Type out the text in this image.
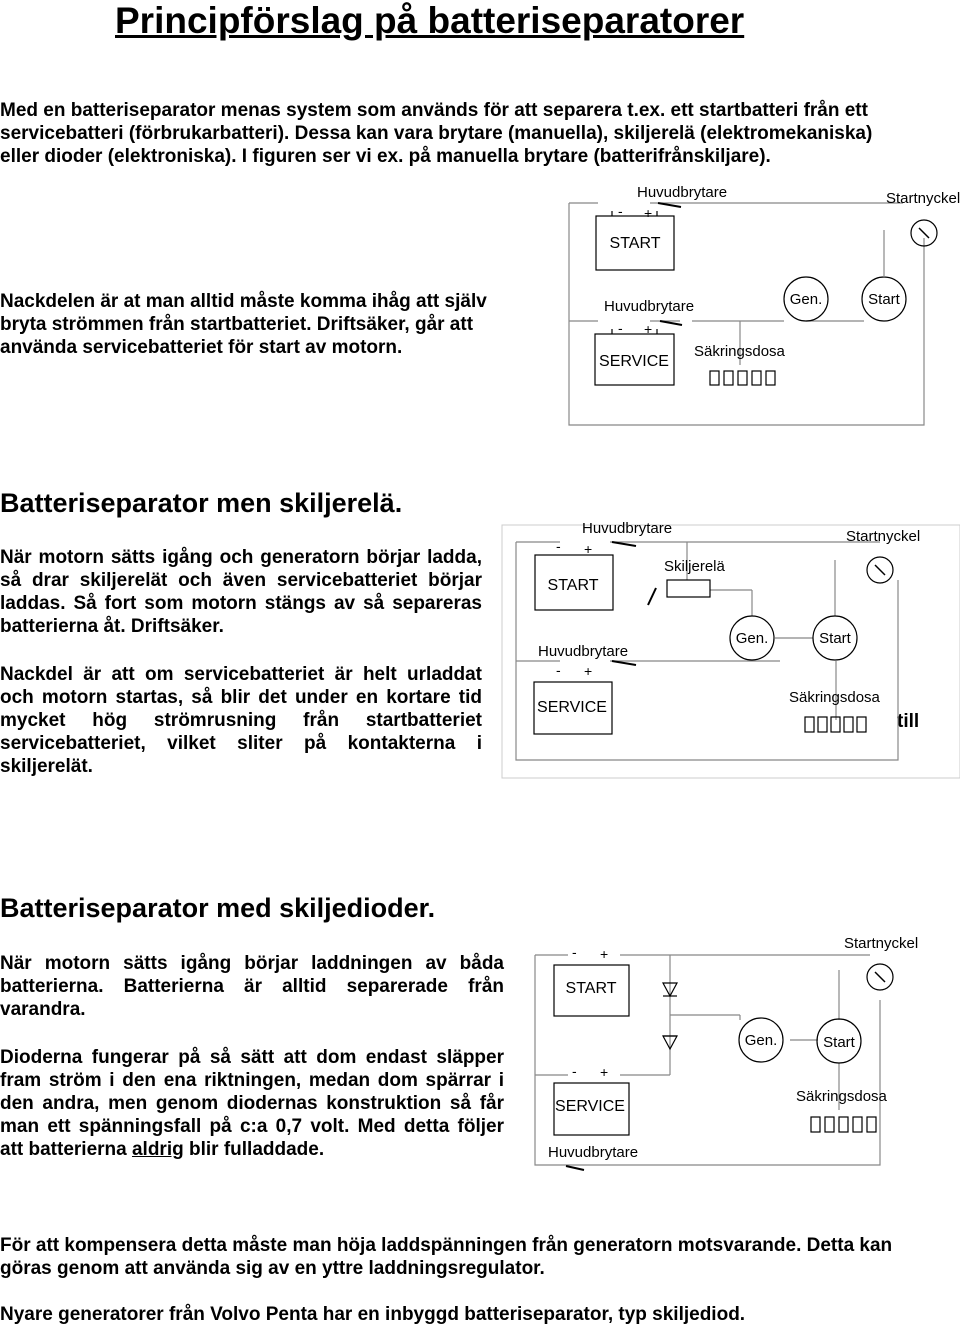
Principförslag på batteriseparatorer
Med en batteriseparator menas system som används för att separera t.ex. ett startbatteri från ett servicebatteri (förbrukarbatteri). Dessa kan vara brytare (manuella), skiljerelä (elektromekaniska) eller dioder (elektroniska). I figuren ser vi ex. på manuella brytare (batterifrånskiljare).
Nackdelen är at man alltid måste komma ihåg att själv bryta strömmen från startbatteriet. Driftsäker, går att använda servicebatteriet för start av motorn.
Batteriseparator men skiljerelä.
När motorn sätts igång och generatorn börjar ladda, så drar skiljerelät och även servicebatteriet börjar laddas. Så fort som motorn stängs av så separeras batterierna åt. Driftsäker.
Nackdel är att om servicebatteriet är helt urladdat och motorn startas, så blir det under en kortare tid mycket hög strömrusning från startbatteriet servicebatteriet, vilket sliter på kontakterna i skiljerelät.
till
Batteriseparator med skiljedioder.
När motorn sätts igång börjar laddningen av båda batterierna. Batterierna är alltid separerade från varandra.
Dioderna fungerar på så sätt att dom endast släpper fram ström i den ena riktningen, medan dom spärrar i den andra, men genom diodernas konstruktion så får man ett spänningsfall på c:a 0,7 volt. Med detta följer att batterierna aldrig blir fulladdade.
För att kompensera detta måste man höja laddspänningen från generatorn motsvarande. Detta kan göras genom att använda sig av en yttre laddningsregulator.
Nyare generatorer från Volvo Penta har en inbyggd batteriseparator, typ skiljediod.
START
- +
Huvudbrytare	Startnyckel
SERVICE
- +
Huvudbrytare
Säkringsdosa
Gen.	Start
START
- +
Huvudbrytare
Skiljerelä
Huvudbrytare
SERVICE
- +
Gen.	Start
Startnyckel
Säkringsdosa
START
- +
SERVICE
- +
Huvudbrytare
Gen.	Start
Startnyckel
Säkringsdosa
